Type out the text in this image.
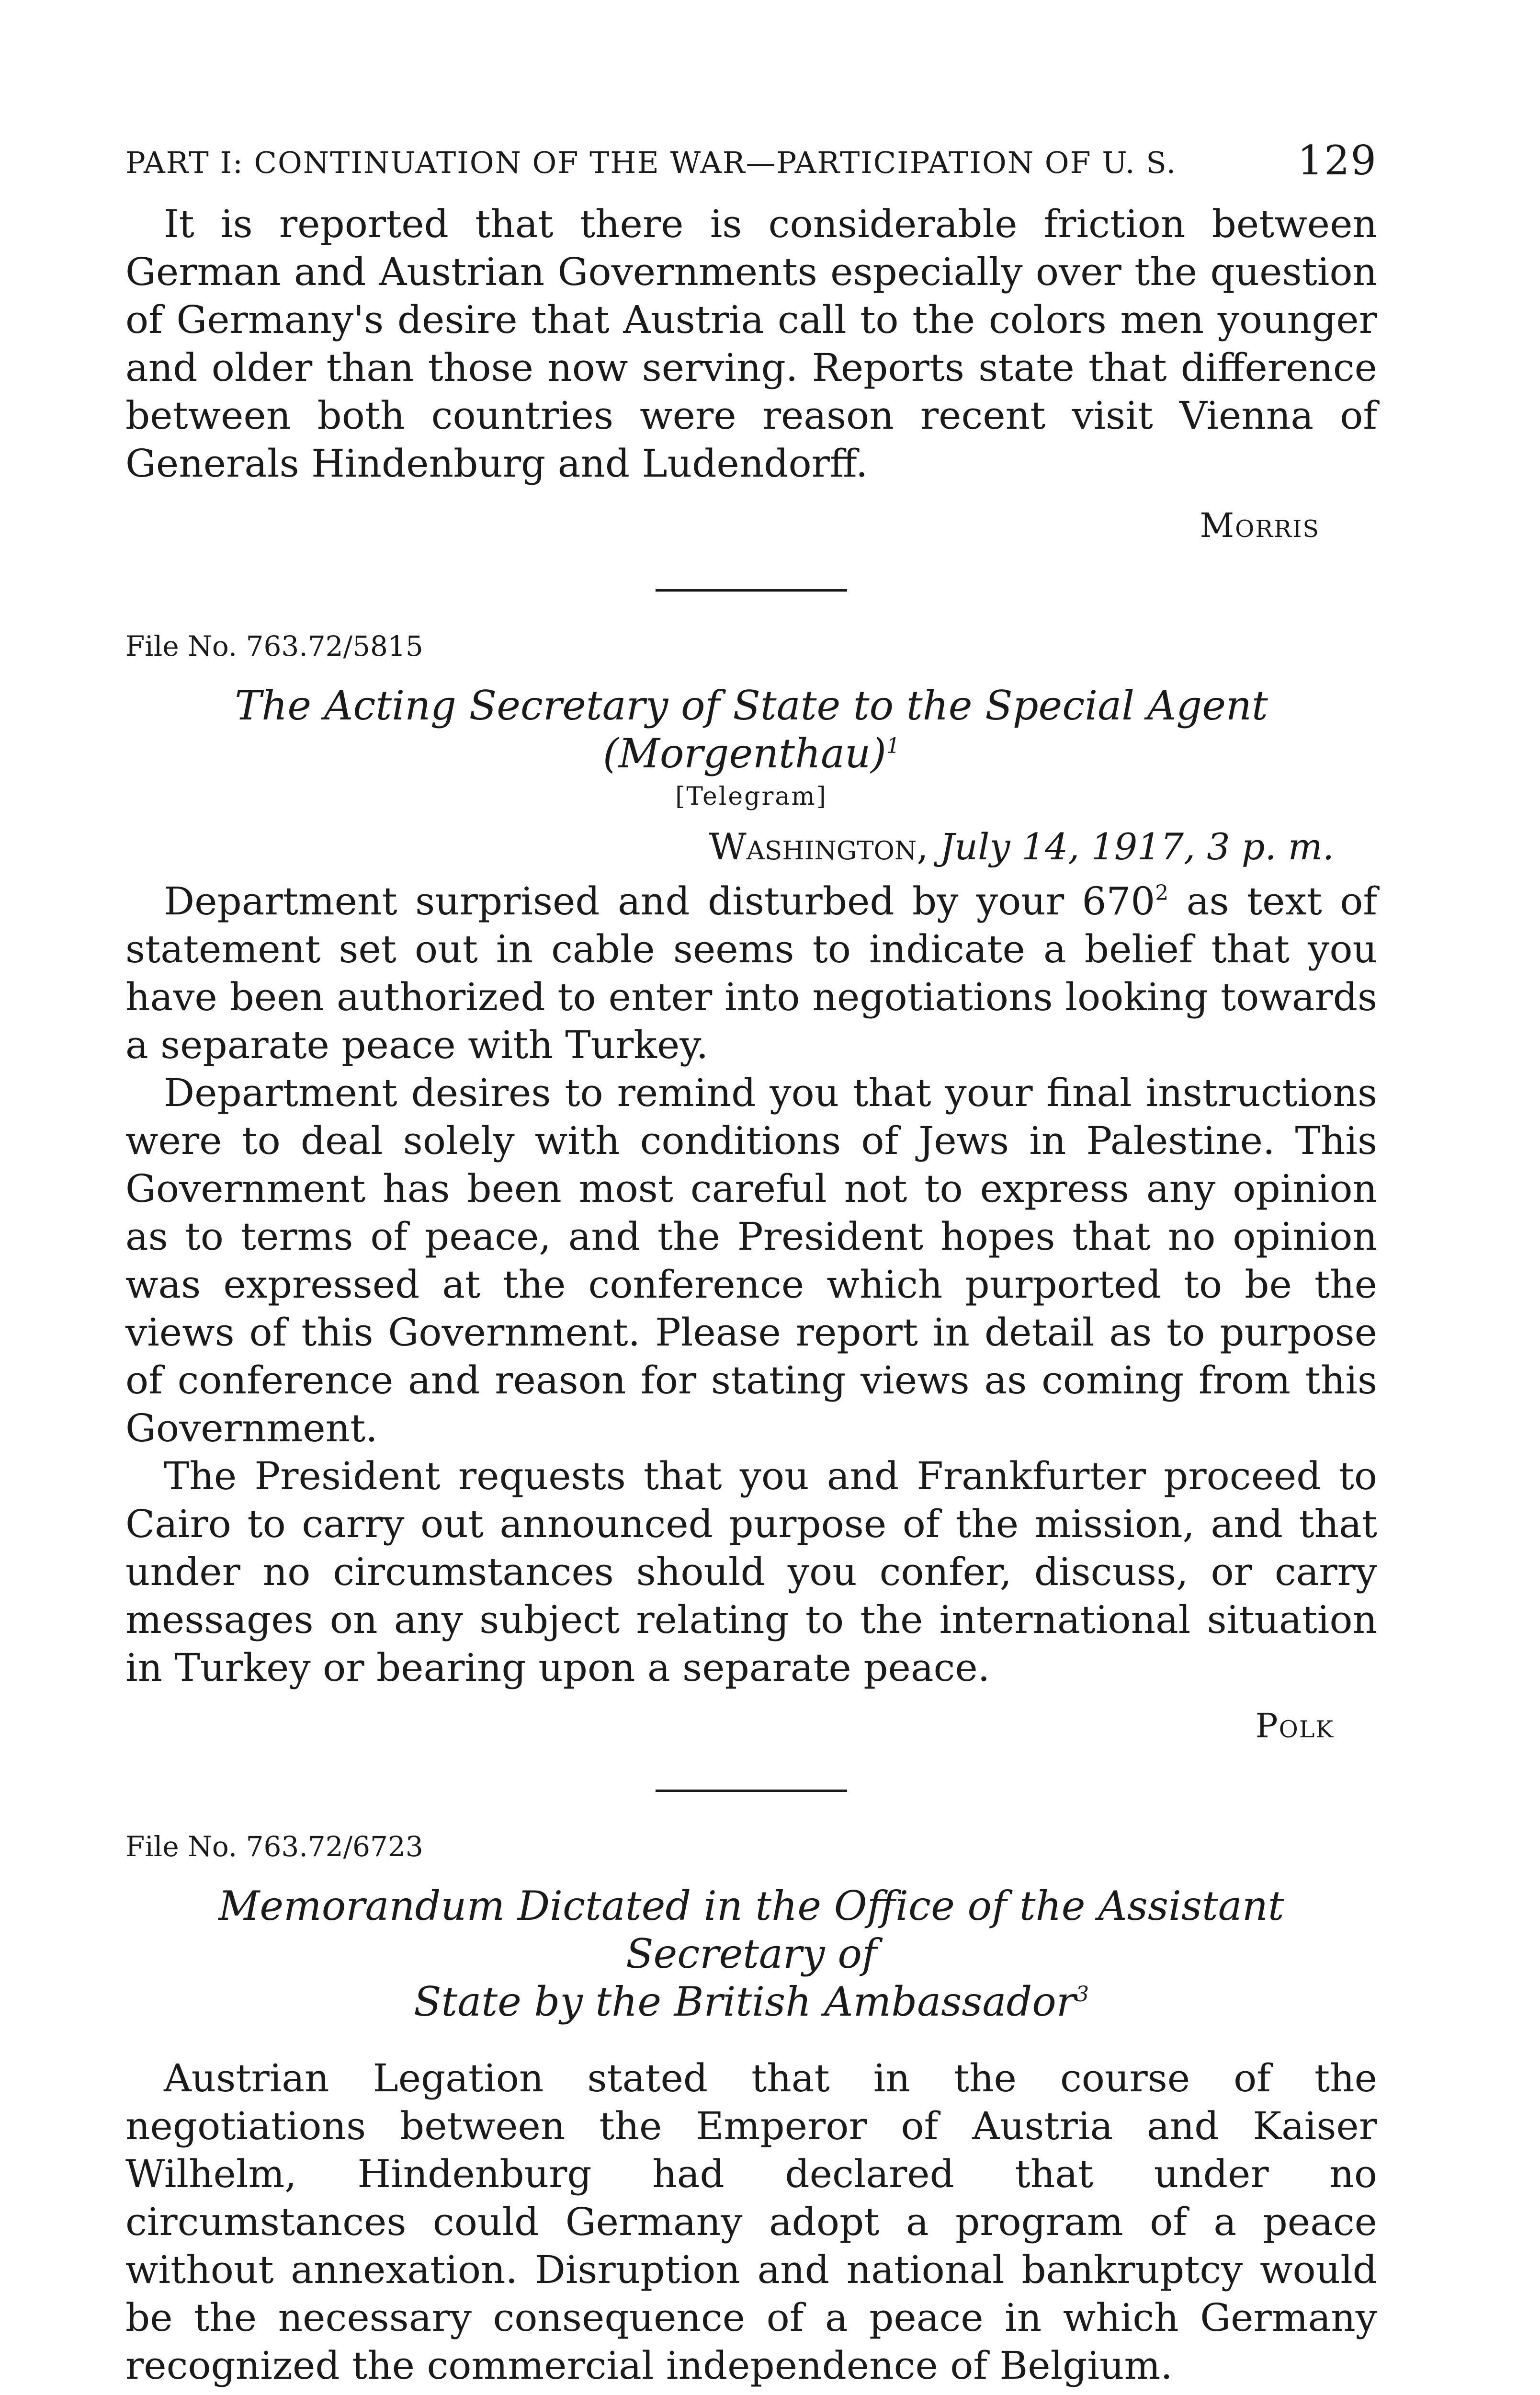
PART I: CONTINUATION OF THE WAR—PARTICIPATION OF U. S.	129

It is reported that there is considerable friction between German and Austrian Governments especially over the question of Germany's desire that Austria call to the colors men younger and older than those now serving. Reports state that difference between both countries were reason recent visit Vienna of Generals Hindenburg and Ludendorff.

Morris
File No. 763.72/5815
The Acting Secretary of State to the Special Agent (Morgenthau)$^1$
[Telegram]
Washington, July 14, 1917, 3 p. m.

Department surprised and disturbed by your 670$^2$ as text of statement set out in cable seems to indicate a belief that you have been authorized to enter into negotiations looking towards a separate peace with Turkey.

Department desires to remind you that your final instructions were to deal solely with conditions of Jews in Palestine. This Government has been most careful not to express any opinion as to terms of peace, and the President hopes that no opinion was expressed at the conference which purported to be the views of this Government. Please report in detail as to purpose of conference and reason for stating views as coming from this Government.

The President requests that you and Frankfurter proceed to Cairo to carry out announced purpose of the mission, and that under no circumstances should you confer, discuss, or carry messages on any subject relating to the international situation in Turkey or bearing upon a separate peace.

Polk
File No. 763.72/6723
Memorandum Dictated in the Office of the Assistant Secretary of
State by the British Ambassador$^3$

Austrian Legation stated that in the course of the negotiations between the Emperor of Austria and Kaiser Wilhelm, Hindenburg had declared that under no circumstances could Germany adopt a program of a peace without annexation. Disruption and national bankruptcy would be the necessary consequence of a peace in which Germany recognized the commercial independence of Belgium.
